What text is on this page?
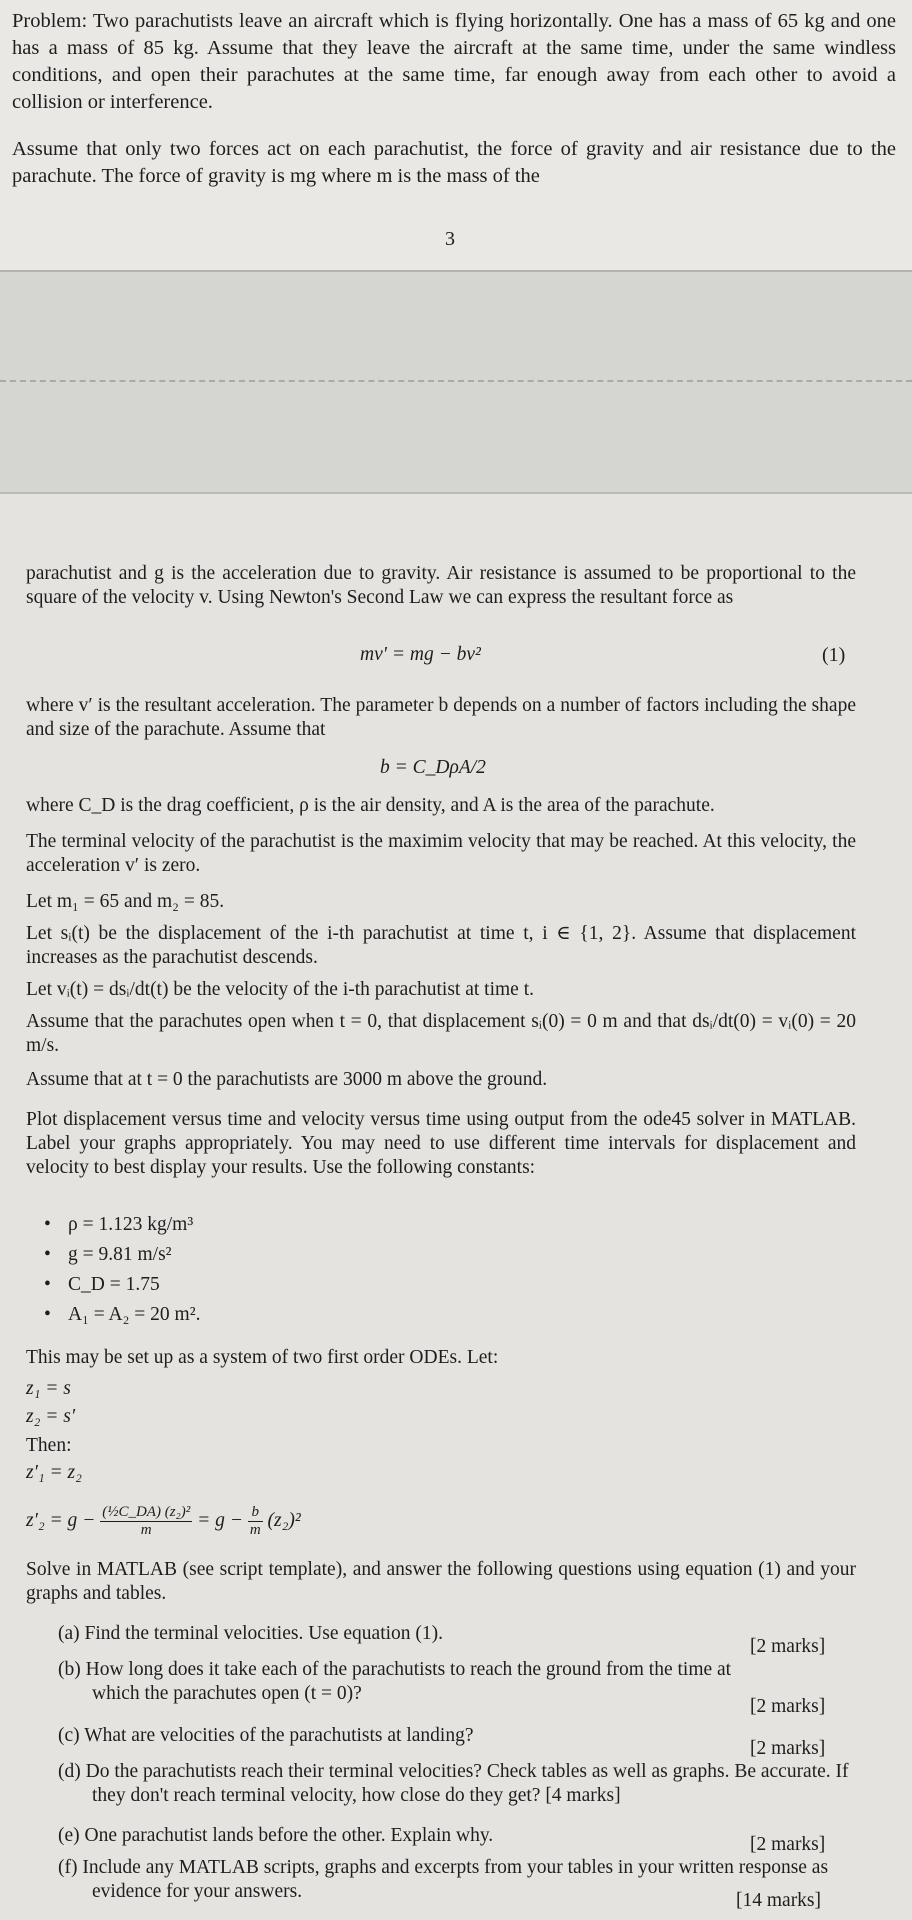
Problem: Two parachutists leave an aircraft which is flying horizontally. One has a mass of 65 kg and one has a mass of 85 kg. Assume that they leave the aircraft at the same time, under the same windless conditions, and open their parachutes at the same time, far enough away from each other to avoid a collision or interference.

Assume that only two forces act on each parachutist, the force of gravity and air resistance due to the parachute. The force of gravity is mg where m is the mass of the

3

parachutist and g is the acceleration due to gravity. Air resistance is assumed to be proportional to the square of the velocity v. Using Newton's Second Law we can express the resultant force as

mv′ = mg − bv²	(1)

where v′ is the resultant acceleration. The parameter b depends on a number of factors including the shape and size of the parachute. Assume that

b = C_DρA/2

where C_D is the drag coefficient, ρ is the air density, and A is the area of the parachute.

The terminal velocity of the parachutist is the maximim velocity that may be reached. At this velocity, the acceleration v′ is zero.

Let m₁ = 65 and m₂ = 85.

Let sᵢ(t) be the displacement of the i-th parachutist at time t, i ∈ {1, 2}. Assume that displacement increases as the parachutist descends.

Let vᵢ(t) = dsᵢ/dt(t) be the velocity of the i-th parachutist at time t.

Assume that the parachutes open when t = 0, that displacement sᵢ(0) = 0 m and that dsᵢ/dt(0) = vᵢ(0) = 20 m/s.

Assume that at t = 0 the parachutists are 3000 m above the ground.

Plot displacement versus time and velocity versus time using output from the ode45 solver in MATLAB. Label your graphs appropriately. You may need to use different time intervals for displacement and velocity to best display your results. Use the following constants:

• ρ = 1.123 kg/m³
• g = 9.81 m/s²
• C_D = 1.75
• A₁ = A₂ = 20 m².

This may be set up as a system of two first order ODEs. Let:

z₁ = s
z₂ = s′

Then:

z′₁ = z₂
$z'_2 = g - \frac{\text{(½C\_DA) (z₂)²}}{m} = g - \frac{b}{m} (z_2)^2$

Solve in MATLAB (see script template), and answer the following questions using equation (1) and your graphs and tables.

(a) Find the terminal velocities. Use equation (1).
[2 marks]
(b) How long does it take each of the parachutists to reach the ground from the time at which the parachutes open (t = 0)?
[2 marks]
(c) What are velocities of the parachutists at landing?
[2 marks]
(d) Do the parachutists reach their terminal velocities? Check tables as well as graphs. Be accurate. If they don't reach terminal velocity, how close do they get? [4 marks]
(e) One parachutist lands before the other. Explain why.	[2 marks]
(f) Include any MATLAB scripts, graphs and excerpts from your tables in your written response as evidence for your answers.	[14 marks]
